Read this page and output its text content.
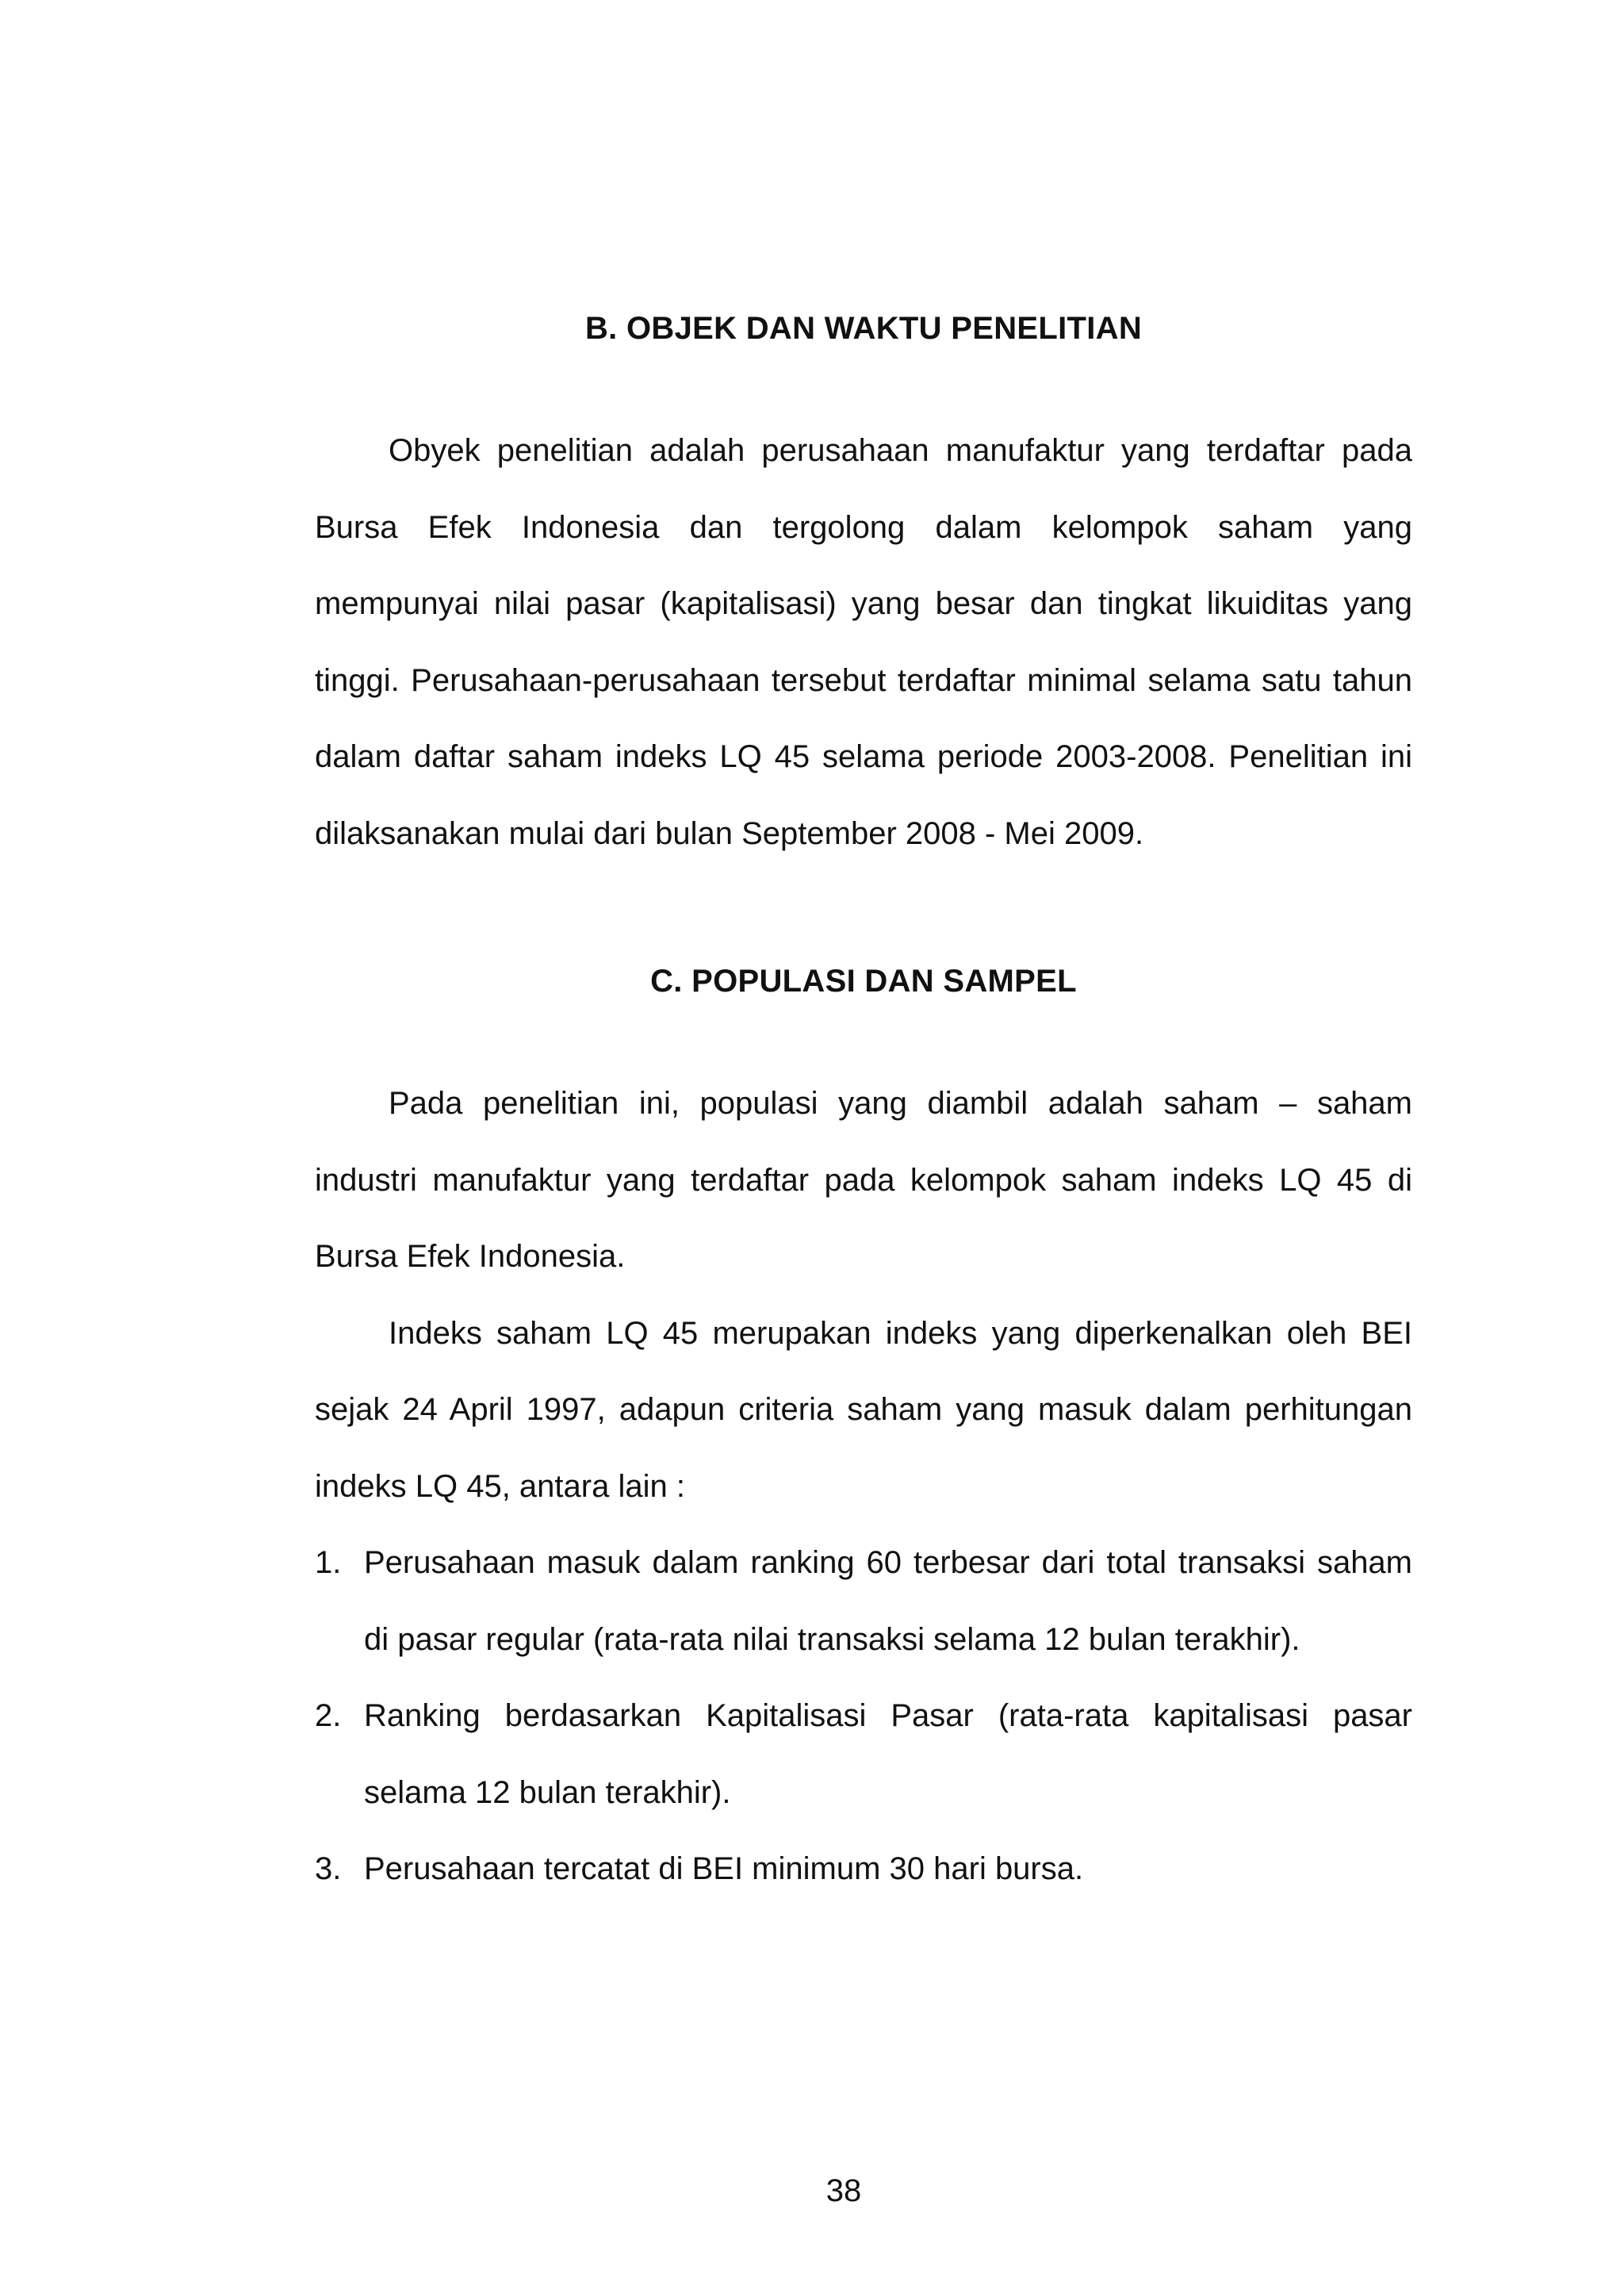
B. OBJEK DAN WAKTU PENELITIAN

Obyek penelitian adalah perusahaan manufaktur yang terdaftar pada Bursa Efek Indonesia dan tergolong dalam kelompok saham yang mempunyai nilai pasar (kapitalisasi) yang besar dan tingkat likuiditas yang tinggi. Perusahaan-perusahaan tersebut terdaftar minimal selama satu tahun dalam daftar saham indeks LQ 45 selama periode 2003-2008. Penelitian ini dilaksanakan mulai dari bulan September 2008 - Mei 2009.

C. POPULASI DAN SAMPEL

Pada penelitian ini, populasi yang diambil adalah saham – saham industri manufaktur yang terdaftar pada kelompok saham indeks LQ 45 di Bursa Efek Indonesia.

Indeks saham LQ 45 merupakan indeks yang diperkenalkan oleh BEI sejak 24 April 1997, adapun criteria saham yang masuk dalam perhitungan indeks LQ 45, antara lain :

1. Perusahaan masuk dalam ranking 60 terbesar dari total transaksi saham di pasar regular (rata-rata nilai transaksi selama 12 bulan terakhir).
2. Ranking berdasarkan Kapitalisasi Pasar (rata-rata kapitalisasi pasar selama 12 bulan terakhir).
3. Perusahaan tercatat di BEI minimum 30 hari bursa.
38
